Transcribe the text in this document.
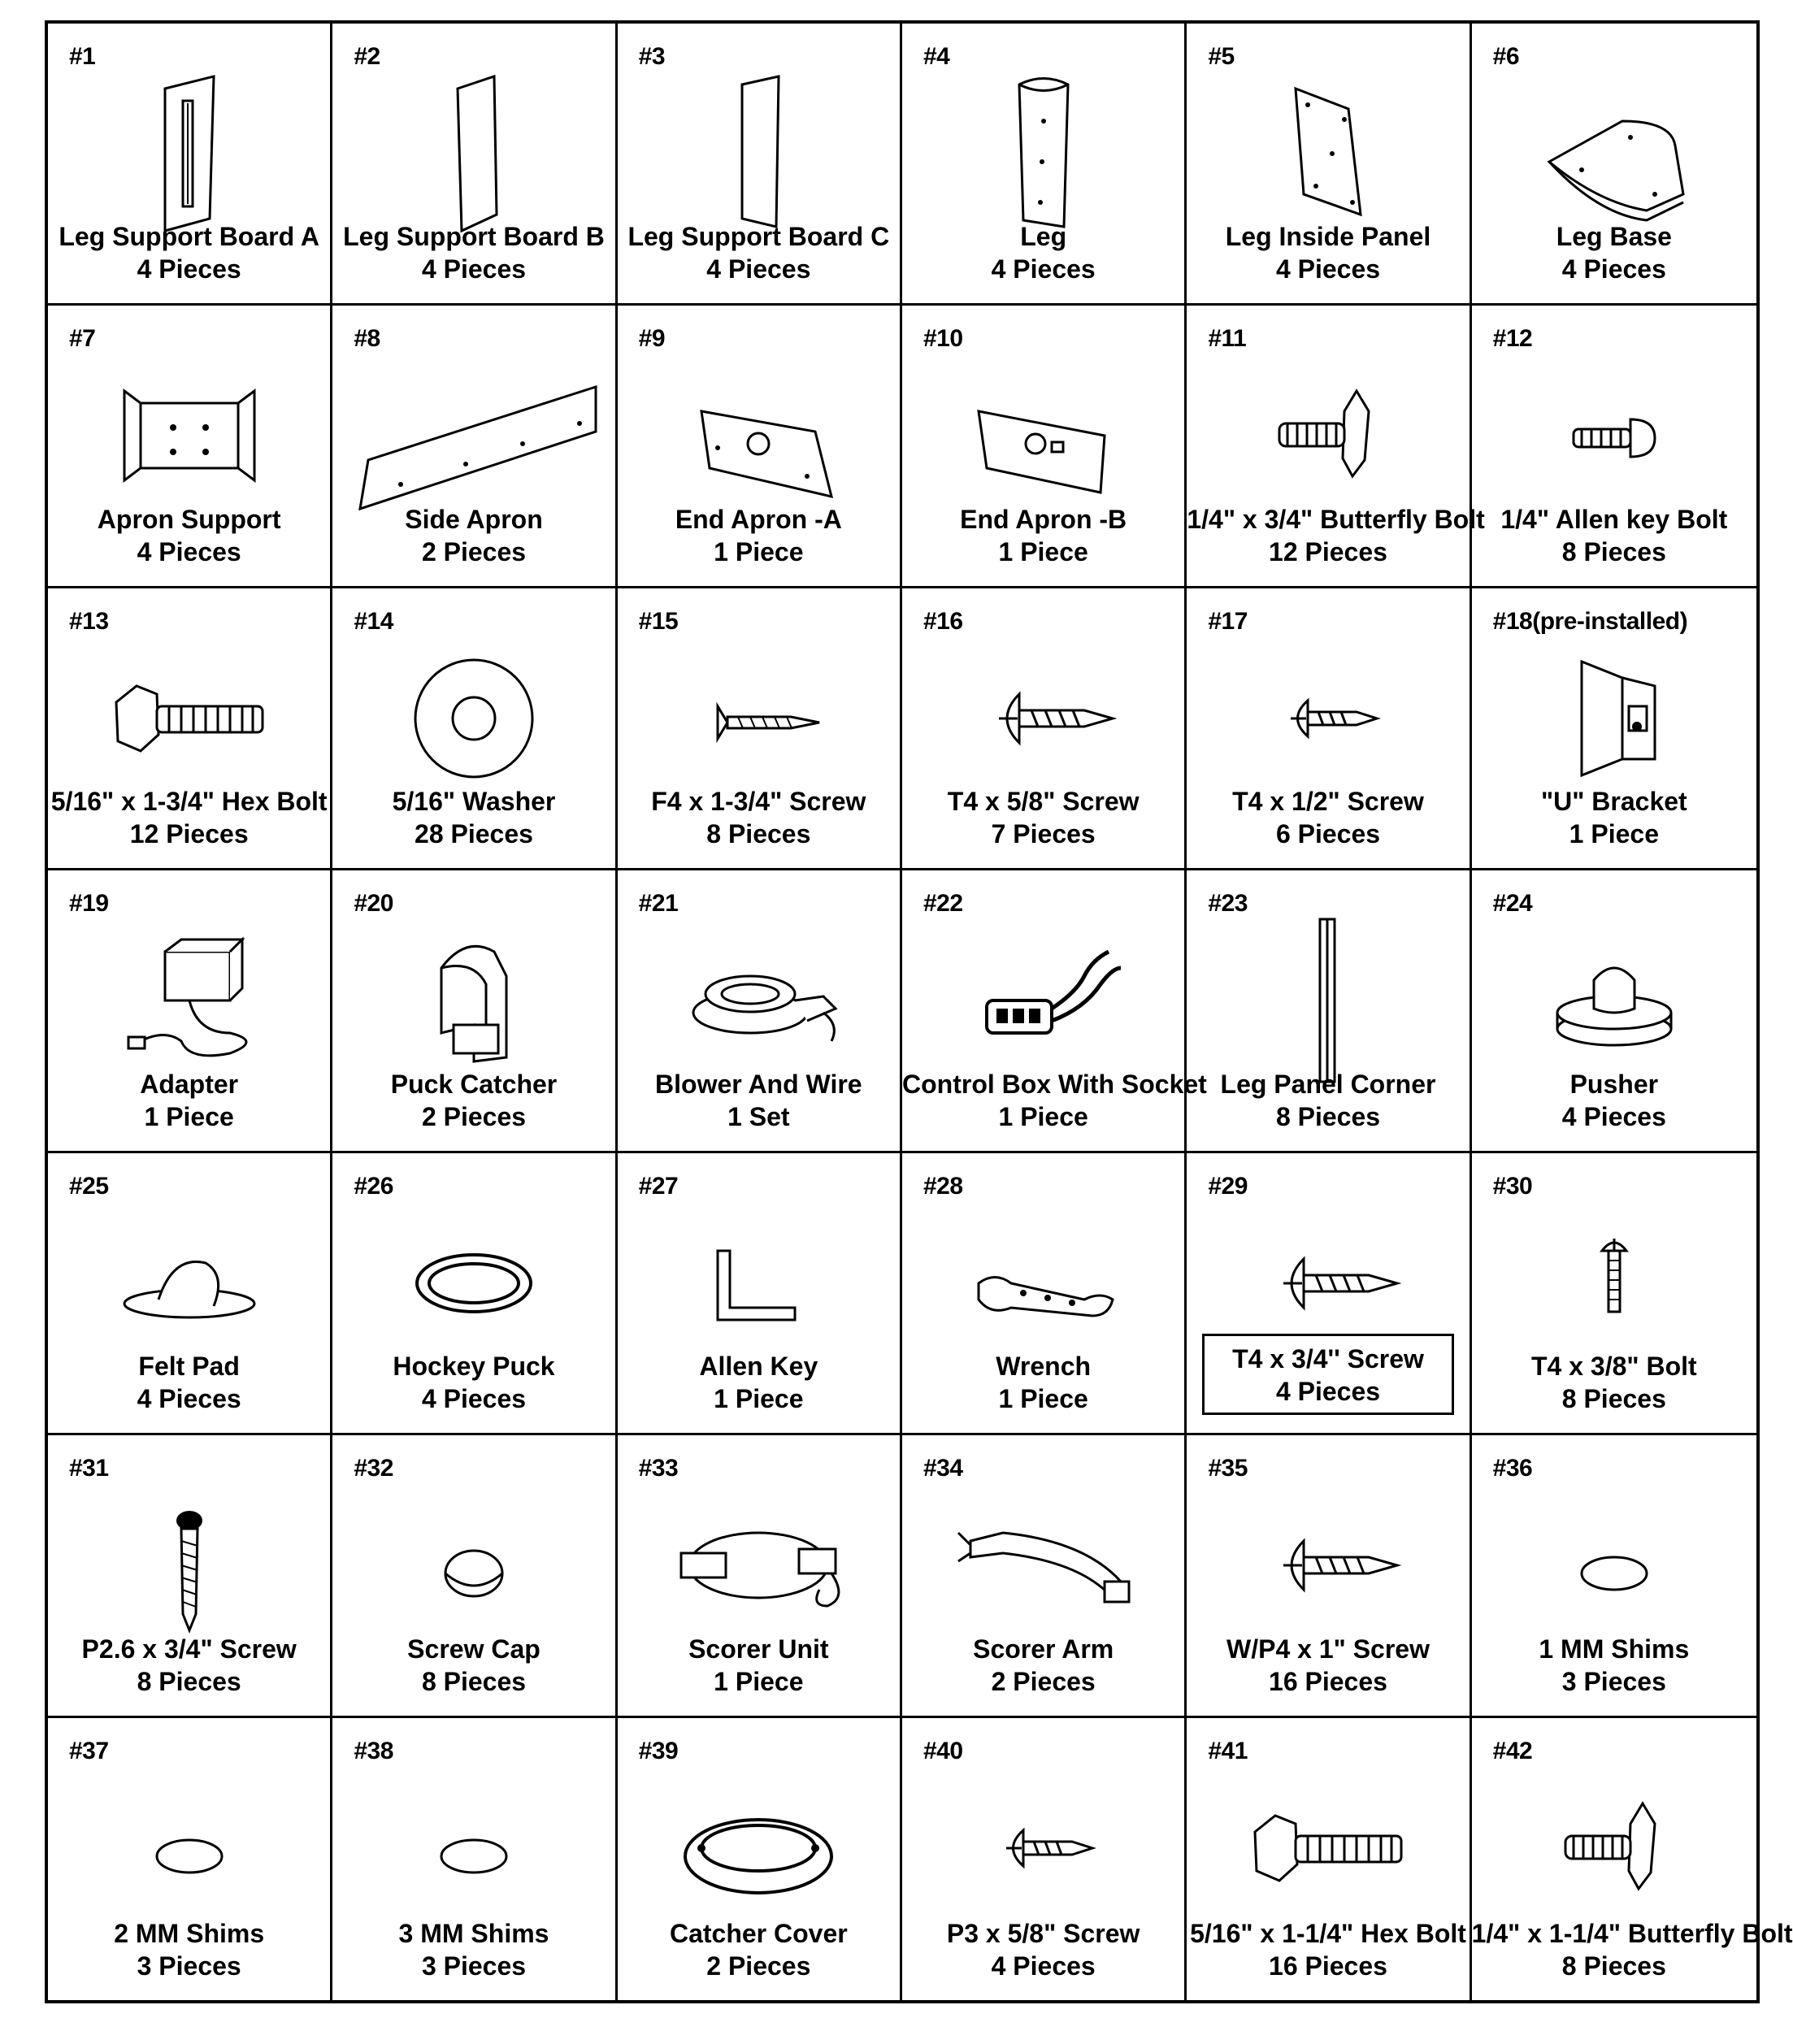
#1
Leg Support Board A
4 Pieces
#2
Leg Support Board B
4 Pieces
#3
Leg Support Board C
4 Pieces
#4
Leg
4 Pieces
#5
Leg Inside Panel
4 Pieces
#6
Leg Base
4 Pieces
#7
Apron Support
4 Pieces
#8
Side Apron
2 Pieces
#9
End Apron -A
1 Piece
#10
End Apron -B
1 Piece
#11
1/4" x 3/4" Butterfly Bolt
12 Pieces
#12
1/4" Allen key Bolt
8 Pieces
#13
5/16" x 1-3/4" Hex Bolt
12 Pieces
#14
5/16" Washer
28 Pieces
#15
F4 x 1-3/4" Screw
8 Pieces
#16
T4 x 5/8" Screw
7 Pieces
#17
T4 x 1/2" Screw
6 Pieces
#18(pre-installed)
"U" Bracket
1 Piece
#19
Adapter
1 Piece
#20
Puck Catcher
2 Pieces
#21
Blower And Wire
1 Set
#22
Control Box With Socket
1 Piece
#23
Leg Panel Corner
8 Pieces
#24
Pusher
4 Pieces
#25
Felt Pad
4 Pieces
#26
Hockey Puck
4 Pieces
#27
Allen Key
1 Piece
#28
Wrench
1 Piece
#29
T4 x 3/4'' Screw
4 Pieces
#30
T4 x 3/8" Bolt
8 Pieces
#31
P2.6 x 3/4" Screw
8 Pieces
#32
Screw Cap
8 Pieces
#33
Scorer Unit
1 Piece
#34
Scorer Arm
2 Pieces
#35
W/P4 x 1" Screw
16 Pieces
#36
1 MM Shims
3 Pieces
#37
2 MM Shims
3 Pieces
#38
3 MM Shims
3 Pieces
#39
Catcher Cover
2 Pieces
#40
P3 x 5/8" Screw
4 Pieces
#41
5/16" x 1-1/4" Hex Bolt
16 Pieces
#42
1/4" x 1-1/4" Butterfly Bolt
8 Pieces
